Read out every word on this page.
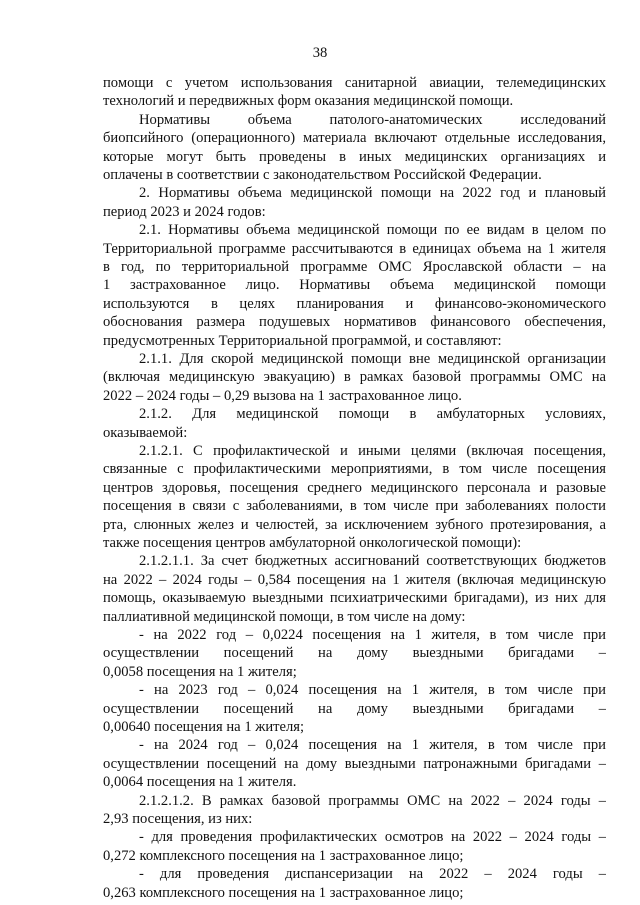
38
помощи с учетом использования санитарной авиации, телемедицинских
технологий и передвижных форм оказания медицинской помощи.
Нормативы объема патолого-анатомических исследований
биопсийного (операционного) материала включают отдельные исследования,
которые могут быть проведены в иных медицинских организациях и
оплачены в соответствии с законодательством Российской Федерации.
2. Нормативы объема медицинской помощи на 2022 год и плановый
период 2023 и 2024 годов:
2.1. Нормативы объема медицинской помощи по ее видам в целом по
Территориальной программе рассчитываются в единицах объема на 1 жителя
в год, по территориальной программе ОМС Ярославской области – на
1 застрахованное лицо. Нормативы объема медицинской помощи
используются в целях планирования и финансово-экономического
обоснования размера подушевых нормативов финансового обеспечения,
предусмотренных Территориальной программой, и составляют:
2.1.1. Для скорой медицинской помощи вне медицинской организации
(включая медицинскую эвакуацию) в рамках базовой программы ОМС на
2022 – 2024 годы – 0,29 вызова на 1 застрахованное лицо.
2.1.2. Для медицинской помощи в амбулаторных условиях,
оказываемой:
2.1.2.1. С профилактической и иными целями (включая посещения,
связанные с профилактическими мероприятиями, в том числе посещения
центров здоровья, посещения среднего медицинского персонала и разовые
посещения в связи с заболеваниями, в том числе при заболеваниях полости
рта, слюнных желез и челюстей, за исключением зубного протезирования, а
также посещения центров амбулаторной онкологической помощи):
2.1.2.1.1. За счет бюджетных ассигнований соответствующих бюджетов
на 2022 – 2024 годы – 0,584 посещения на 1 жителя (включая медицинскую
помощь, оказываемую выездными психиатрическими бригадами), из них для
паллиативной медицинской помощи, в том числе на дому:
- на 2022 год – 0,0224 посещения на 1 жителя, в том числе при
осуществлении посещений на дому выездными бригадами –
0,0058 посещения на 1 жителя;
- на 2023 год – 0,024 посещения на 1 жителя, в том числе при
осуществлении посещений на дому выездными бригадами –
0,00640 посещения на 1 жителя;
- на 2024 год – 0,024 посещения на 1 жителя, в том числе при
осуществлении посещений на дому выездными патронажными бригадами –
0,0064 посещения на 1 жителя.
2.1.2.1.2. В рамках базовой программы ОМС на 2022 – 2024 годы –
2,93 посещения, из них:
- для проведения профилактических осмотров на 2022 – 2024 годы –
0,272 комплексного посещения на 1 застрахованное лицо;
- для проведения диспансеризации на 2022 – 2024 годы –
0,263 комплексного посещения на 1 застрахованное лицо;
